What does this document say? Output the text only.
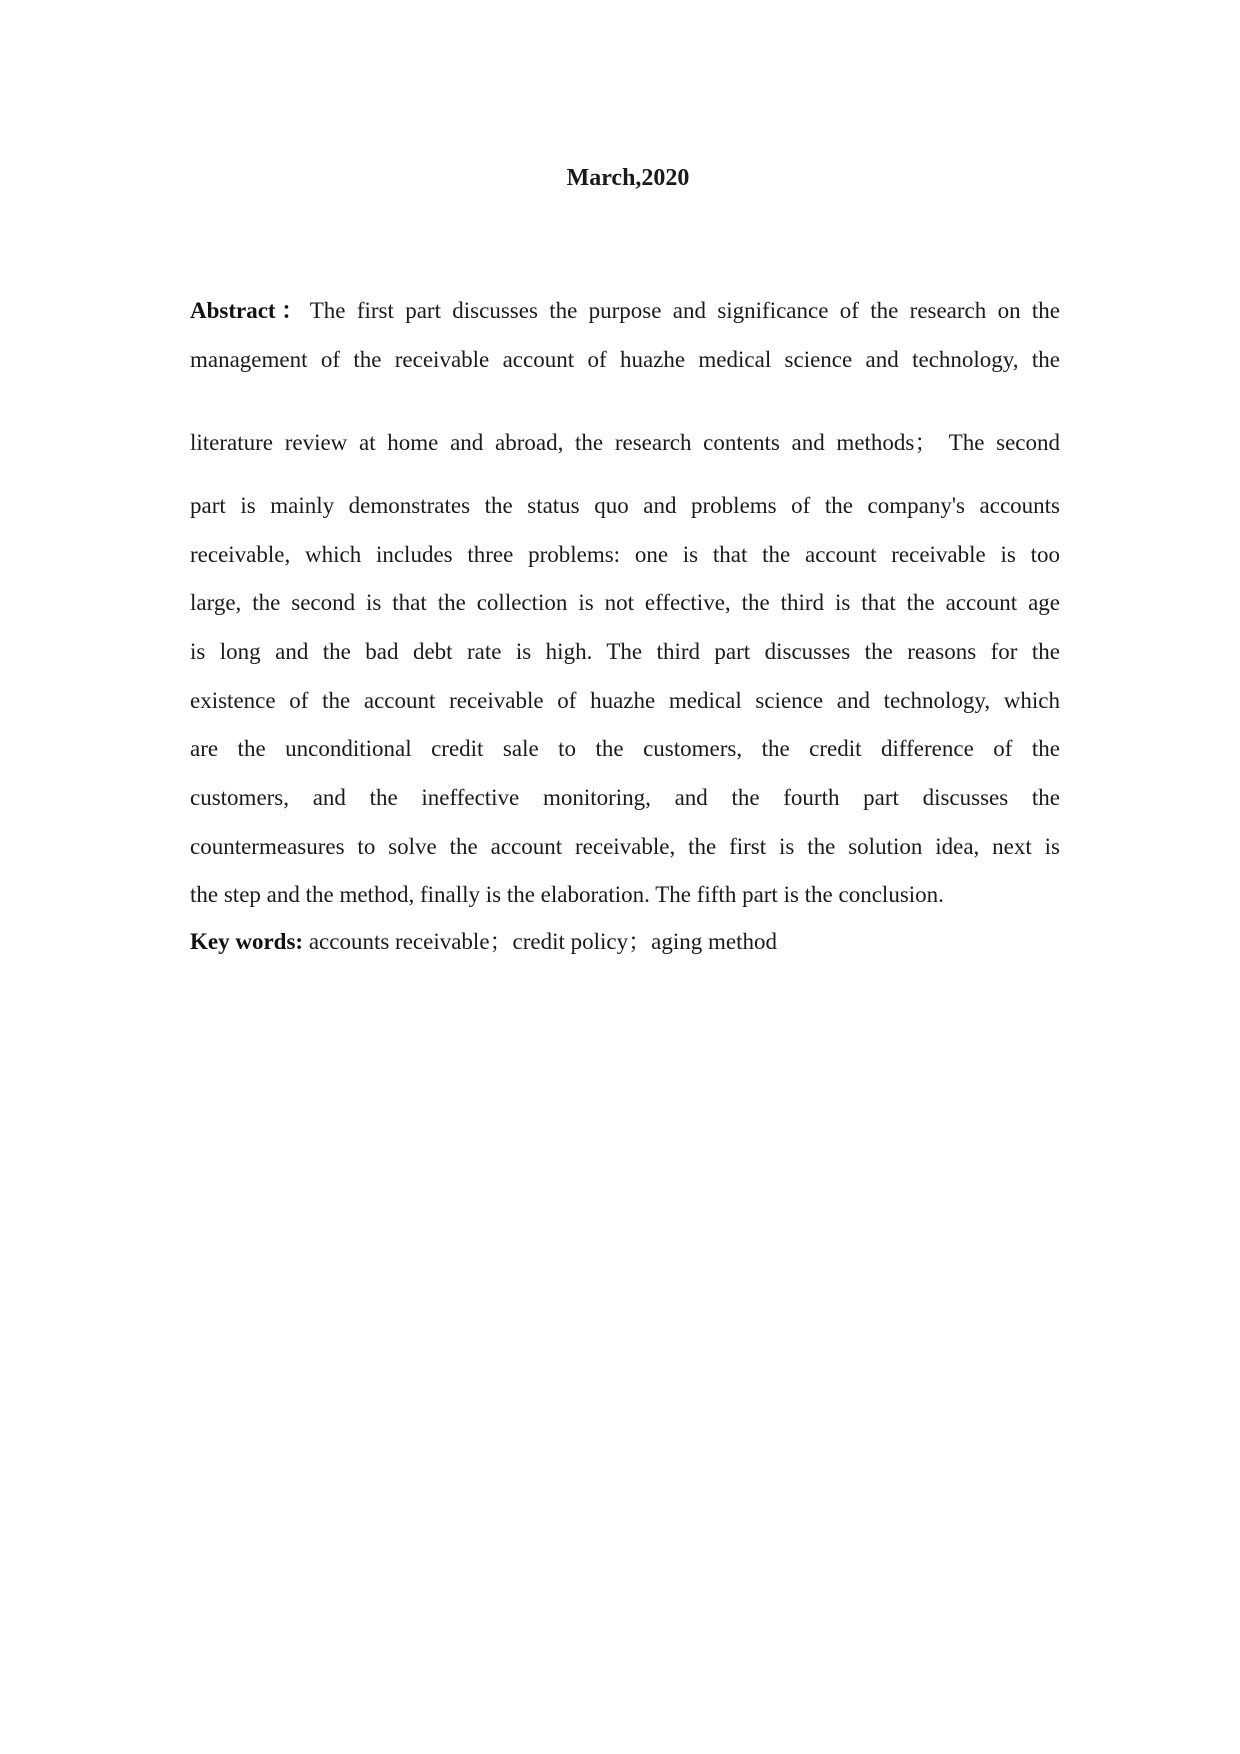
March,2020
Abstract：The first part discusses the purpose and significance of the research on the
management of the receivable account of huazhe medical science and technology, the
literature review at home and abroad, the research contents and methods； The second
part is mainly demonstrates the status quo and problems of the company's accounts
receivable, which includes three problems: one is that the account receivable is too
large, the second is that the collection is not effective, the third is that the account age
is long and the bad debt rate is high. The third part discusses the reasons for the
existence of the account receivable of huazhe medical science and technology, which
are the unconditional credit sale to the customers, the credit difference of the
customers, and the ineffective monitoring, and the fourth part discusses the
countermeasures to solve the account receivable, the first is the solution idea, next is
the step and the method, finally is the elaboration. The fifth part is the conclusion.
Key words: accounts receivable；credit policy；aging method
